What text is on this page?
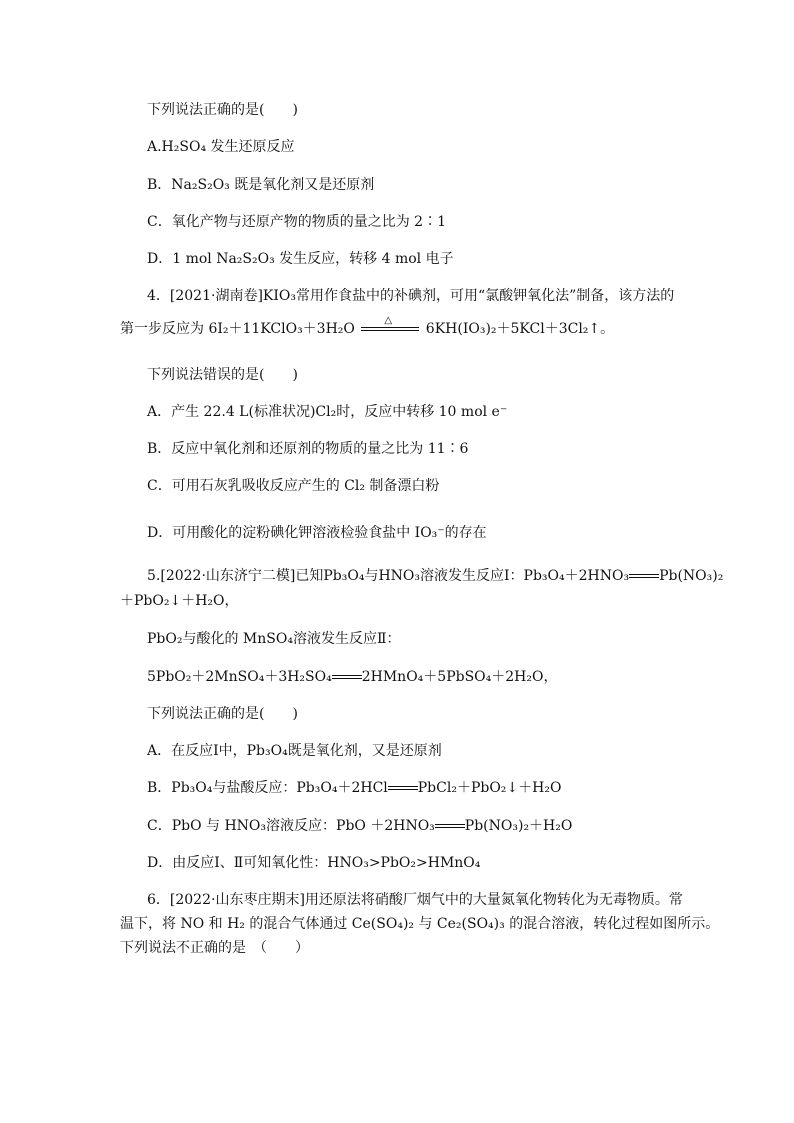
下列说法正确的是(　　)
A.H₂SO₄ 发生还原反应
B．Na₂S₂O₃ 既是氧化剂又是还原剂
C．氧化产物与还原产物的物质的量之比为 2∶1
D．1 mol Na₂S₂O₃ 发生反应，转移 4 mol 电子
4．[2021·湖南卷]KIO₃常用作食盐中的补碘剂，可用“氯酸钾氧化法”制备，该方法的
第一步反应为 6I₂＋11KClO₃＋3H₂O
△
6KH(IO₃)₂＋5KCl＋3Cl₂↑。
下列说法错误的是(　　)
A．产生 22.4 L(标准状况)Cl₂时，反应中转移 10 mol e⁻
B．反应中氧化剂和还原剂的物质的量之比为 11∶6
C．可用石灰乳吸收反应产生的 Cl₂ 制备漂白粉
D．可用酸化的淀粉碘化钾溶液检验食盐中 IO₃⁻的存在
5.[2022·山东济宁二模]已知Pb₃O₄与HNO₃溶液发生反应Ⅰ：Pb₃O₄＋2HNO₃ Pb(NO₃)₂
＋PbO₂↓＋H₂O，
PbO₂与酸化的 MnSO₄溶液发生反应Ⅱ：
5PbO₂＋2MnSO₄＋3H₂SO₄ 2HMnO₄＋5PbSO₄＋2H₂O，
下列说法正确的是(　　)
A．在反应Ⅰ中，Pb₃O₄既是氧化剂，又是还原剂
B．Pb₃O₄与盐酸反应：Pb₃O₄＋2HCl PbCl₂＋PbO₂↓＋H₂O
C．PbO 与 HNO₃溶液反应：PbO ＋2HNO₃ Pb(NO₃)₂＋H₂O
D．由反应Ⅰ、Ⅱ可知氧化性：HNO₃>PbO₂>HMnO₄
6．[2022·山东枣庄期末]用还原法将硝酸厂烟气中的大量氮氧化物转化为无毒物质。常
温下，将 NO 和 H₂ 的混合气体通过 Ce(SO₄)₂ 与 Ce₂(SO₄)₃ 的混合溶液，转化过程如图所示。
下列说法不正确的是　（　　）
